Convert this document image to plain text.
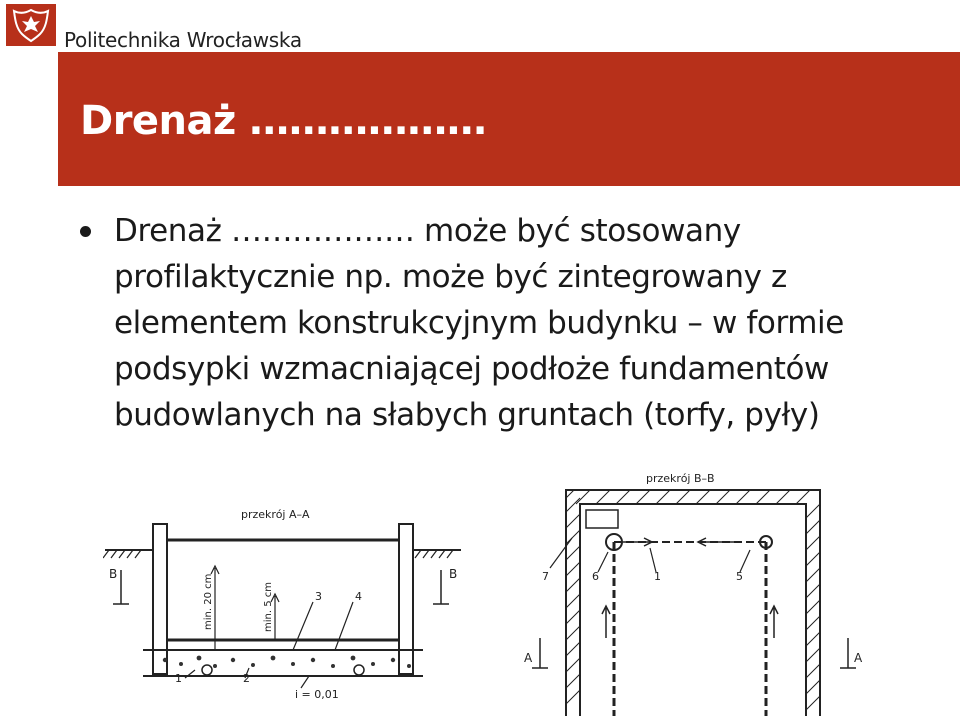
Politechnika Wrocławska
Drenaż ………………

Drenaż ……………… może być stosowany profilaktycznie np. może być zintegrowany z elementem konstrukcyjnym budynku – w formie podsypki wzmacniającej podłoże fundamentów budowlanych na słabych gruntach (torfy, pyły)

przekrój A–A
B	B
min. 20 cm	min. 5 cm
1	2
3	4
i = 0,01
przekrój B–B
1	5
6
7
A	A
